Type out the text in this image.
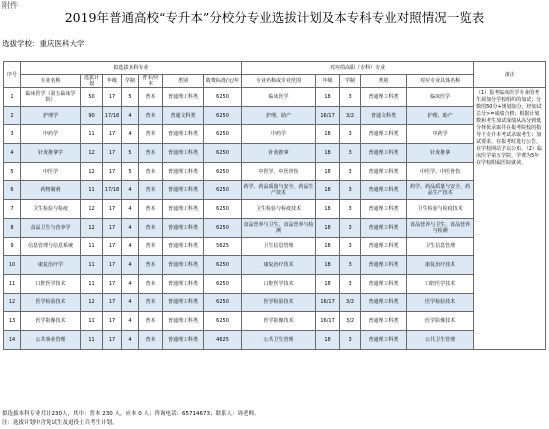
附件
2019年普通高校“专升本”分校分专业选拔计划及本专科专业对照情况一览表
选拔学校：重庆医科大学
序号	拟选拔本科专业							对应的高职（专科）专业					备注
	专业名称	选拔计划	年级	学制	普本/应本	类别	收费标准/元/年	专业名称或专业范围	年级	学制	类别	对应专业具体名称	
1	临床医学（第五临床学院）	50	17	5	普本	普通理工科类	6250	临床医学	18	3	普通理工科类	临床医学	（1）报考临床医学专业的考生须加分学校组织的加试；分数的50分+规划加分，经加试总分>=成绩合格；根据计划数和考生加试成绩从高分到低分择优录取并在报考院校的指导下专升本考试录取考生；加试要求，在报考时进行公告，在学校网站予以公布。（2）临床医学第五学院，学费为5年在学校附属医院就读。
2	护理学	90	17/18	4	普本	普通文科类	6250	护理、助产	16/17	3/2	普通文科类	护理、助产	
3	中药学	11	17	4	普本	普通理工科类	6250	中药学	18	3	普通理工科类	中药学	
4	针灸推拿学	12	17	5	普本	普通理工科类	6250	针灸推拿	18	3	普通理工科类	针灸推拿	
5	中医学	12	17	5	普本	普通理工科类	6250	中医学、中医骨伤	18	3	普通理工科类	中医学、中医骨伤	
6	药物制剂	11	17/18	4	普本	普通理工科类	6250	药学、药品质量与安全、药品生产技术	18	3	普通理工科类	药学、药品质量与安全、药品生产技术	
7	卫生检验与检疫	12	17	4	普本	普通理工科类	6250	卫生检验与检疫技术	18	3	普通理工科类	卫生检验与检疫技术	
8	食品卫生与营养学	12	17	4	普本	普通理工科类	6250	食品营养与卫生、食品营养与检测	18	3	普通理工科类	食品营养与卫生、食品营养与检测	
9	信息管理与信息系统	11	17	4	普本	普通理工科类	5625	卫生信息管理	18	3	普通理工科类	卫生信息管理	
10	康复治疗学	11	17	4	普本	普通理工科类	6250	康复治疗技术	18	3	普通理工科类	康复治疗技术	
11	口腔医学技术	11	17	4	普本	普通理工科类	6250	口腔医学技术	18	3	普通理工科类	口腔医学技术	
12	医学检验技术	12	17	4	普本	普通理工科类	6250	医学检验技术	16/17	3/2	普通理工科类	医学检验技术	
13	医学影像技术	11	17	4	普本	普通理工科类	6250	医学影像技术	16/17	3/2	普通理工科类	医学影像技术	
14	公共事业管理	11	17	4	普本	普通理工科类	4625	公共卫生管理	18	3	普通理工科类	公共卫生管理	
拟选拔本科专业共计230人，其中：普本 230 人，应本 0 人；咨询电话：65714673；联系人：周老师。
注：选拔计划中含免试生及退役士兵考生计划。
